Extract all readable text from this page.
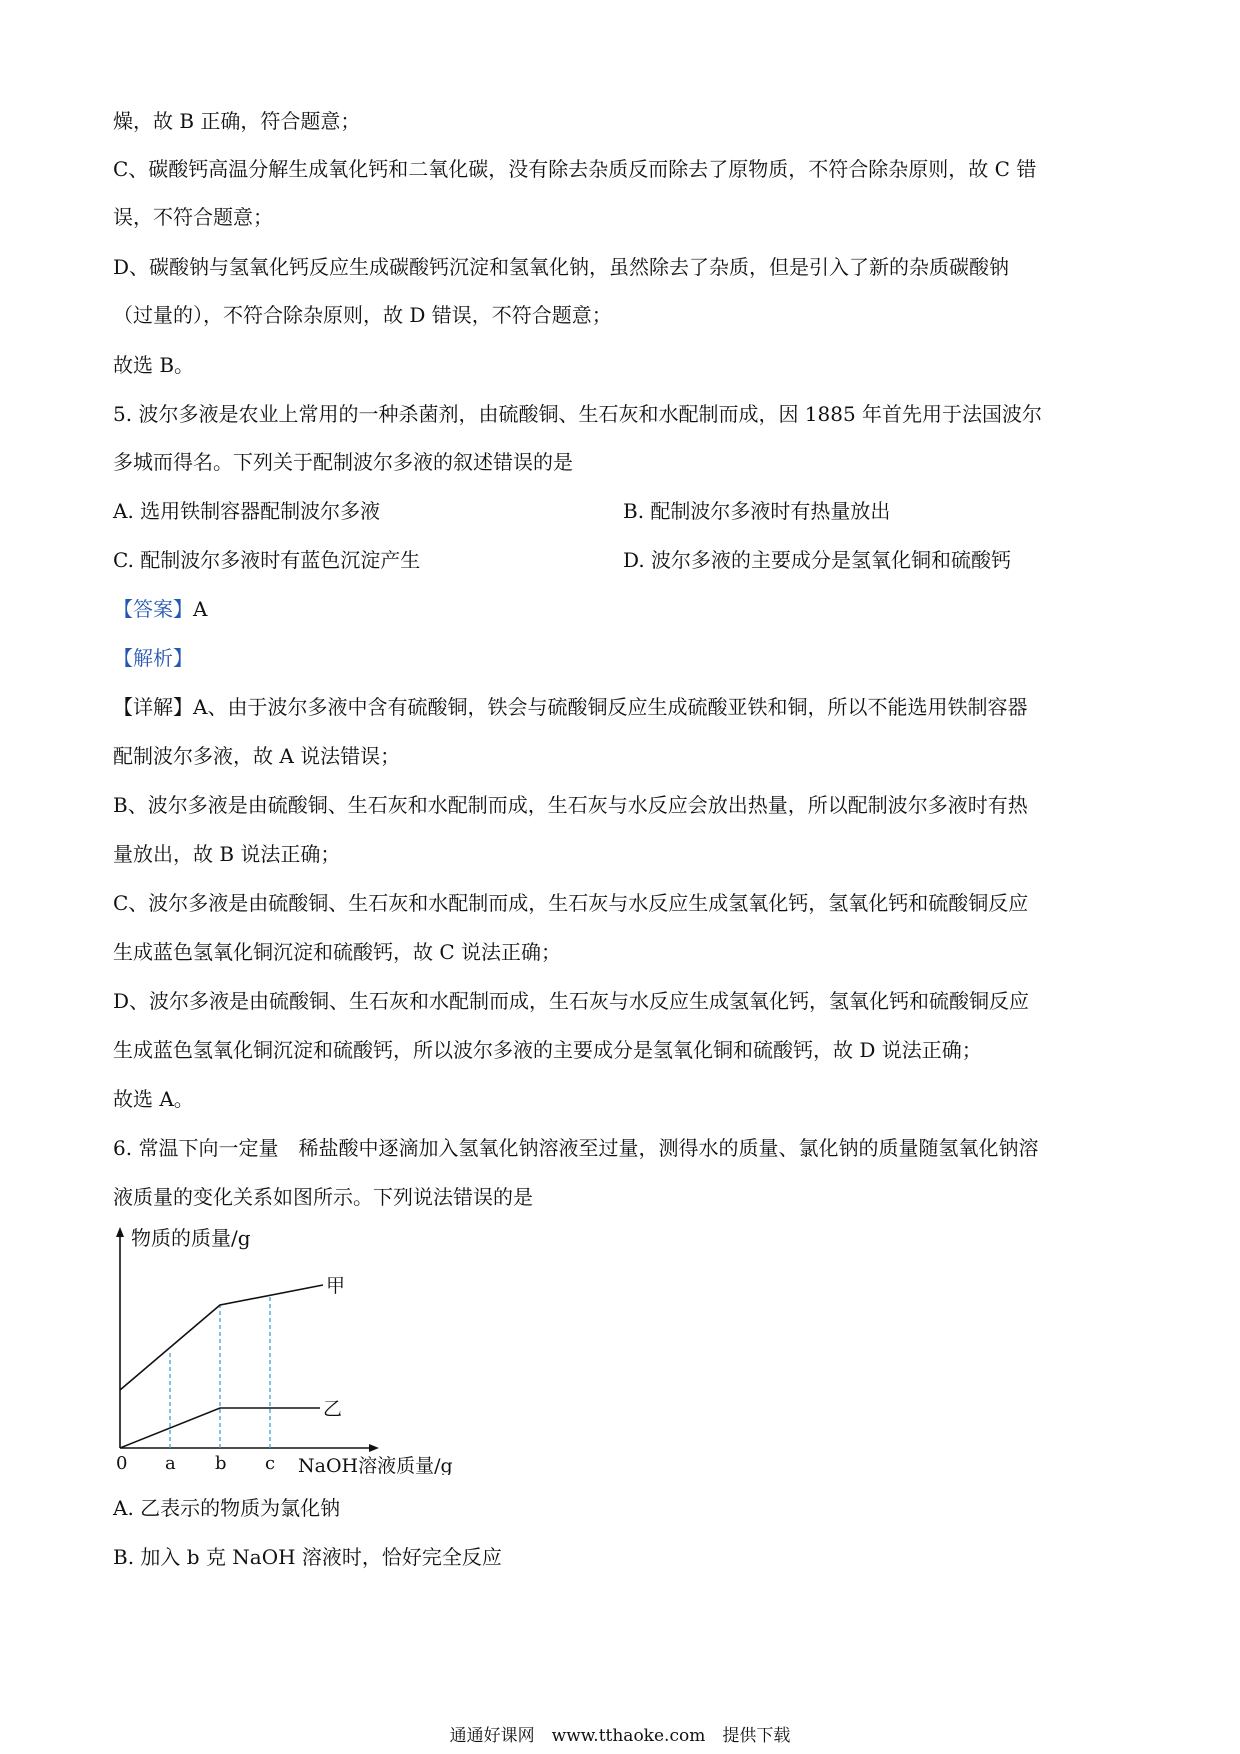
燥，故 B 正确，符合题意；
C、碳酸钙高温分解生成氧化钙和二氧化碳，没有除去杂质反而除去了原物质，不符合除杂原则，故 C 错
误，不符合题意；
D、碳酸钠与氢氧化钙反应生成碳酸钙沉淀和氢氧化钠，虽然除去了杂质，但是引入了新的杂质碳酸钠
（过量的），不符合除杂原则，故 D 错误，不符合题意；
故选 B。
5. 波尔多液是农业上常用的一种杀菌剂，由硫酸铜、生石灰和水配制而成，因 1885 年首先用于法国波尔
多城而得名。下列关于配制波尔多液的叙述错误的是
A. 选用铁制容器配制波尔多液	B. 配制波尔多液时有热量放出
C. 配制波尔多液时有蓝色沉淀产生	D. 波尔多液的主要成分是氢氧化铜和硫酸钙
【答案】A
【解析】
【详解】A、由于波尔多液中含有硫酸铜，铁会与硫酸铜反应生成硫酸亚铁和铜，所以不能选用铁制容器
配制波尔多液，故 A 说法错误；
B、波尔多液是由硫酸铜、生石灰和水配制而成，生石灰与水反应会放出热量，所以配制波尔多液时有热
量放出，故 B 说法正确；
C、波尔多液是由硫酸铜、生石灰和水配制而成，生石灰与水反应生成氢氧化钙，氢氧化钙和硫酸铜反应
生成蓝色氢氧化铜沉淀和硫酸钙，故 C 说法正确；
D、波尔多液是由硫酸铜、生石灰和水配制而成，生石灰与水反应生成氢氧化钙，氢氧化钙和硫酸铜反应
生成蓝色氢氧化铜沉淀和硫酸钙，所以波尔多液的主要成分是氢氧化铜和硫酸钙，故 D 说法正确；
故选 A。
6. 常温下向一定量　稀盐酸中逐滴加入氢氧化钠溶液至过量，测得水的质量、氯化钠的质量随氢氧化钠溶
液质量的变化关系如图所示。下列说法错误的是
物质的质量/g
甲
乙
0 a b c NaOH溶液质量/g
A. 乙表示的物质为氯化钠
B. 加入 b 克 NaOH 溶液时，恰好完全反应
通通好课网　www.tthaoke.com　提供下载
